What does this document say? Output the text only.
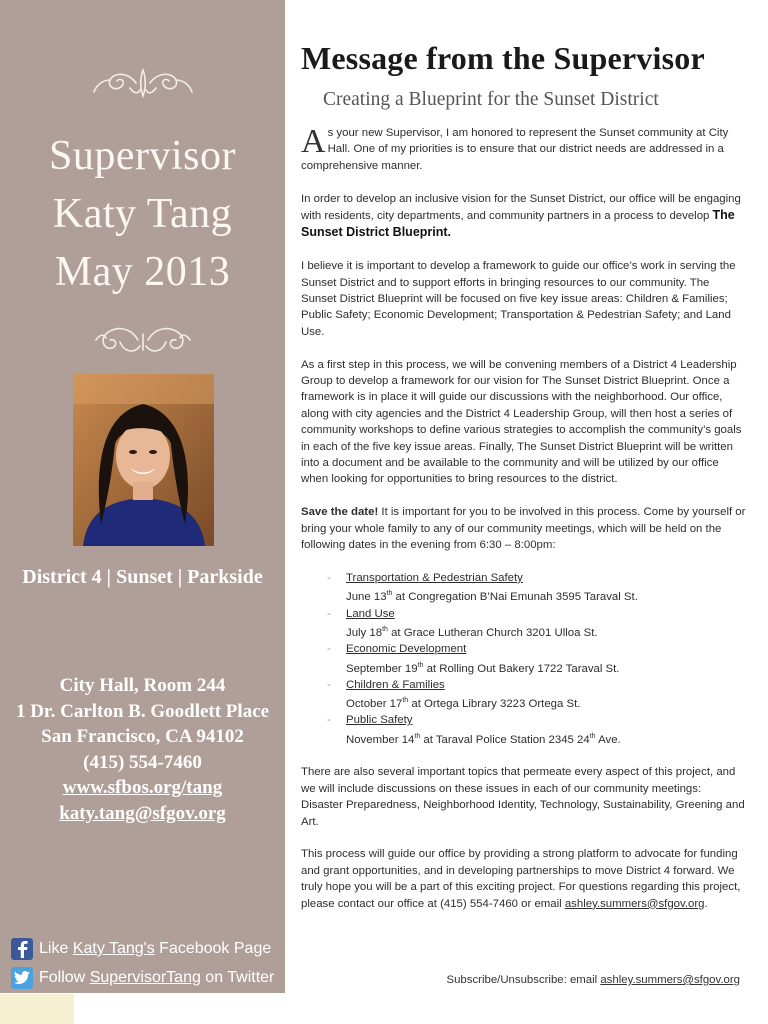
Supervisor
Katy Tang
May 2013
District 4 | Sunset | Parkside
City Hall, Room 244
1 Dr. Carlton B. Goodlett Place
San Francisco, CA 94102
(415) 554-7460
www.sfbos.org/tang
katy.tang@sfgov.org
Like Katy Tang's Facebook Page
Follow SupervisorTang on Twitter
Message from the Supervisor
Creating a Blueprint for the Sunset District

As your new Supervisor, I am honored to represent the Sunset community at City Hall. One of my priorities is to ensure that our district needs are addressed in a comprehensive manner.

In order to develop an inclusive vision for the Sunset District, our office will be engaging with residents, city departments, and community partners in a process to develop The Sunset District Blueprint.

I believe it is important to develop a framework to guide our office’s work in serving the Sunset District and to support efforts in bringing resources to our community. The Sunset District Blueprint will be focused on five key issue areas: Children & Families; Public Safety; Economic Development; Transportation & Pedestrian Safety; and Land Use.

As a first step in this process, we will be convening members of a District 4 Leadership Group to develop a framework for our vision for The Sunset District Blueprint. Once a framework is in place it will guide our discussions with the neighborhood. Our office, along with city agencies and the District 4 Leadership Group, will then host a series of community workshops to define various strategies to accomplish the community’s goals in each of the five key issue areas. Finally, The Sunset District Blueprint will be written into a document and be available to the community and will be utilized by our office when looking for opportunities to bring resources to the district.

Save the date! It is important for you to be involved in this process. Come by yourself or bring your whole family to any of our community meetings, which will be held on the following dates in the evening from 6:30 – 8:00pm:

- Transportation & Pedestrian Safety
June 13th at Congregation B’Nai Emunah 3595 Taraval St.
- Land Use
July 18th at Grace Lutheran Church 3201 Ulloa St.
- Economic Development
September 19th at Rolling Out Bakery 1722 Taraval St.
- Children & Families
October 17th at Ortega Library 3223 Ortega St.
- Public Safety
November 14th at Taraval Police Station 2345 24th Ave.

There are also several important topics that permeate every aspect of this project, and we will include discussions on these issues in each of our community meetings: Disaster Preparedness, Neighborhood Identity, Technology, Sustainability, Greening and Art.

This process will guide our office by providing a strong platform to advocate for funding and grant opportunities, and in developing partnerships to move District 4 forward. We truly hope you will be a part of this exciting project. For questions regarding this project, please contact our office at (415) 554-7460 or email ashley.summers@sfgov.org.

Subscribe/Unsubscribe: email ashley.summers@sfgov.org
